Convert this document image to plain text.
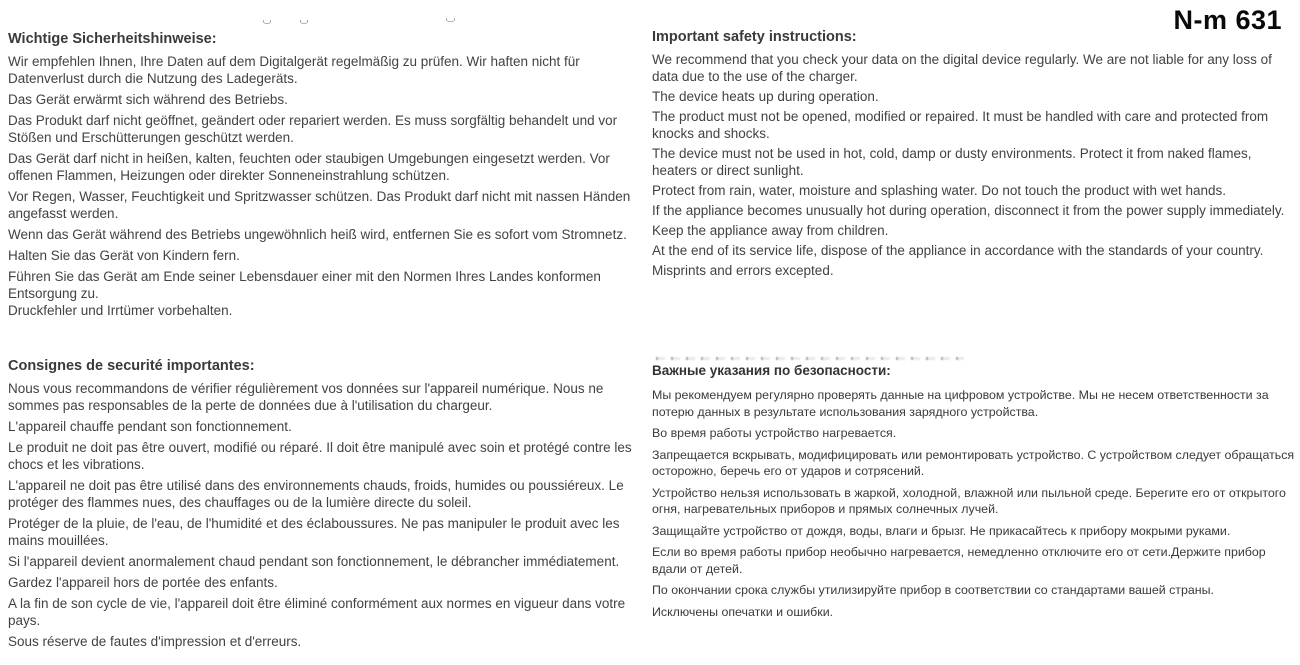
N-m 631
Wichtige Sicherheitshinweise:

Wir empfehlen Ihnen, Ihre Daten auf dem Digitalgerät regelmäßig zu prüfen. Wir haften nicht für Datenverlust durch die Nutzung des Ladegeräts.

Das Gerät erwärmt sich während des Betriebs.

Das Produkt darf nicht geöffnet, geändert oder repariert werden. Es muss sorgfältig behandelt und vor Stößen und Erschütterungen geschützt werden.

Das Gerät darf nicht in heißen, kalten, feuchten oder staubigen Umgebungen eingesetzt werden. Vor offenen Flammen, Heizungen oder direkter Sonneneinstrahlung schützen.

Vor Regen, Wasser, Feuchtigkeit und Spritzwasser schützen. Das Produkt darf nicht mit nassen Händen angefasst werden.

Wenn das Gerät während des Betriebs ungewöhnlich heiß wird, entfernen Sie es sofort vom Stromnetz.

Halten Sie das Gerät von Kindern fern.

Führen Sie das Gerät am Ende seiner Lebensdauer einer mit den Normen Ihres Landes konformen Entsorgung zu.

Druckfehler und Irrtümer vorbehalten.

Important safety instructions:

We recommend that you check your data on the digital device regularly. We are not liable for any loss of data due to the use of the charger.

The device heats up during operation.

The product must not be opened, modified or repaired. It must be handled with care and protected from knocks and shocks.

The device must not be used in hot, cold, damp or dusty environments. Protect it from naked flames, heaters or direct sunlight.

Protect from rain, water, moisture and splashing water. Do not touch the product with wet hands.

If the appliance becomes unusually hot during operation, disconnect it from the power supply immediately.

Keep the appliance away from children.

At the end of its service life, dispose of the appliance in accordance with the standards of your country.

Misprints and errors excepted.

Consignes de securité importantes:

Nous vous recommandons de vérifier régulièrement vos données sur l'appareil numérique. Nous ne sommes pas responsables de la perte de données due à l'utilisation du chargeur.

L'appareil chauffe pendant son fonctionnement.

Le produit ne doit pas être ouvert, modifié ou réparé. Il doit être manipulé avec soin et protégé contre les chocs et les vibrations.

L'appareil ne doit pas être utilisé dans des environnements chauds, froids, humides ou poussiéreux. Le protéger des flammes nues, des chauffages ou de la lumière directe du soleil.

Protéger de la pluie, de l'eau, de l'humidité et des éclaboussures. Ne pas manipuler le produit avec les mains mouillées.

Si l'appareil devient anormalement chaud pendant son fonctionnement, le débrancher immédiatement.

Gardez l'appareil hors de portée des enfants.

A la fin de son cycle de vie, l'appareil doit être éliminé conformément aux normes en vigueur dans votre pays.

Sous réserve de fautes d'impression et d'erreurs.

Важные указания по безопасности:

Мы рекомендуем регулярно проверять данные на цифровом устройстве. Мы не несем ответственности за потерю данных в результате использования зарядного устройства.

Во время работы устройство нагревается.

Запрещается вскрывать, модифицировать или ремонтировать устройство. С устройством следует обращаться осторожно, беречь его от ударов и сотрясений.

Устройство нельзя использовать в жаркой, холодной, влажной или пыльной среде. Берегите его от открытого огня, нагревательных приборов и прямых солнечных лучей.

Защищайте устройство от дождя, воды, влаги и брызг. Не прикасайтесь к прибору мокрыми руками.

Если во время работы прибор необычно нагревается, немедленно отключите его от сети.Держите прибор вдали от детей.

По окончании срока службы утилизируйте прибор в соответствии со стандартами вашей страны.

Исключены опечатки и ошибки.
